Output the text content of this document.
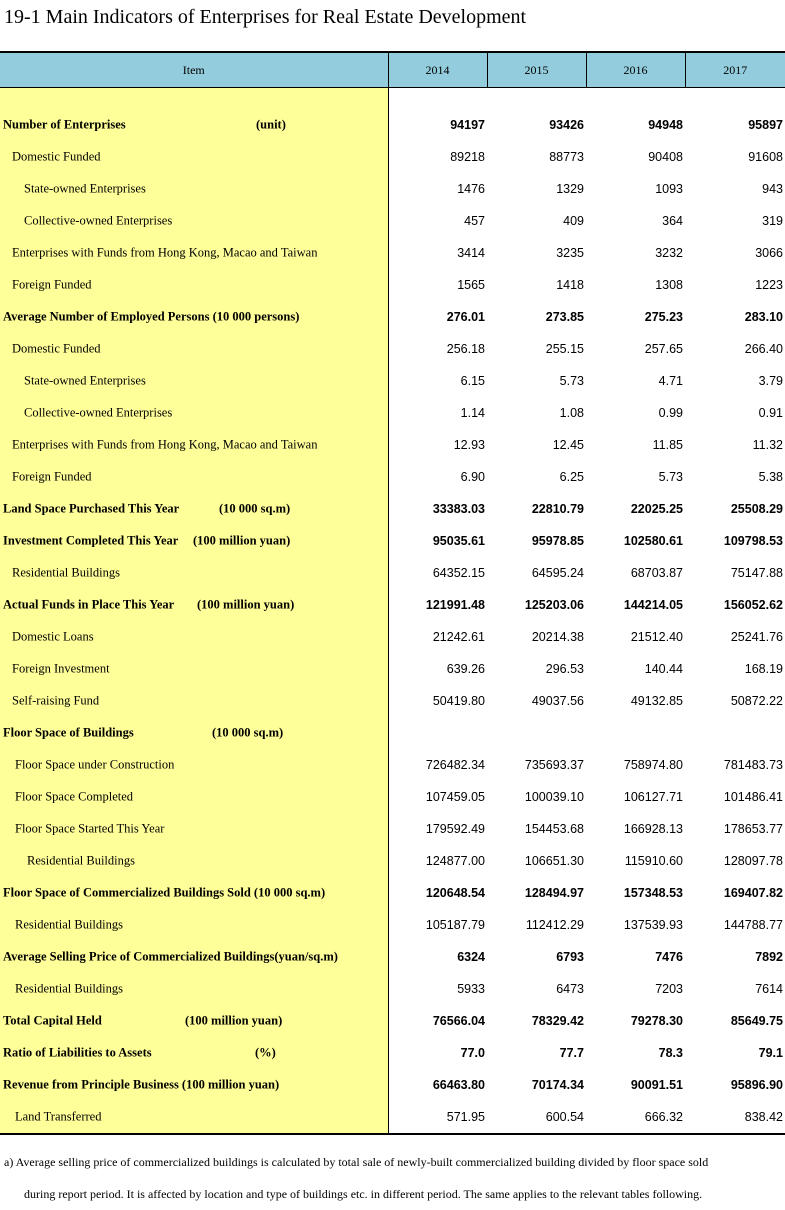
19-1 Main Indicators of Enterprises for Real Estate Development
Item	2014	2015	2016	2017

Number of Enterprises (unit)	94197	93426	94948	95897

Domestic Funded	89218	88773	90408	91608

State-owned Enterprises	1476	1329	1093	943

Collective-owned Enterprises	457	409	364	319

Enterprises with Funds from Hong Kong, Macao and Taiwan	3414	3235	3232	3066

Foreign Funded	1565	1418	1308	1223

Average Number of Employed Persons (10 000 persons)	276.01	273.85	275.23	283.10

Domestic Funded	256.18	255.15	257.65	266.40

State-owned Enterprises	6.15	5.73	4.71	3.79

Collective-owned Enterprises	1.14	1.08	0.99	0.91

Enterprises with Funds from Hong Kong, Macao and Taiwan	12.93	12.45	11.85	11.32

Foreign Funded	6.90	6.25	5.73	5.38

Land Space Purchased This Year (10 000 sq.m)	33383.03	22810.79	22025.25	25508.29

Investment Completed This Year (100 million yuan)	95035.61	95978.85	102580.61	109798.53

Residential Buildings	64352.15	64595.24	68703.87	75147.88

Actual Funds in Place This Year (100 million yuan)	121991.48	125203.06	144214.05	156052.62

Domestic Loans	21242.61	20214.38	21512.40	25241.76

Foreign Investment	639.26	296.53	140.44	168.19

Self-raising Fund	50419.80	49037.56	49132.85	50872.22

Floor Space of Buildings (10 000 sq.m)				

Floor Space under Construction	726482.34	735693.37	758974.80	781483.73

Floor Space Completed	107459.05	100039.10	106127.71	101486.41

Floor Space Started This Year	179592.49	154453.68	166928.13	178653.77

Residential Buildings	124877.00	106651.30	115910.60	128097.78

Floor Space of Commercialized Buildings Sold (10 000 sq.m)	120648.54	128494.97	157348.53	169407.82

Residential Buildings	105187.79	112412.29	137539.93	144788.77

Average Selling Price of Commercialized Buildings(yuan/sq.m)	6324	6793	7476	7892

Residential Buildings	5933	6473	7203	7614

Total Capital Held (100 million yuan)	76566.04	78329.42	79278.30	85649.75

Ratio of Liabilities to Assets (%)	77.0	77.7	78.3	79.1

Revenue from Principle Business (100 million yuan)	66463.80	70174.34	90091.51	95896.90

Land Transferred	571.95	600.54	666.32	838.42
a) Average selling price of commercialized buildings is calculated by total sale of newly-built commercialized building divided by floor space sold
during report period. It is affected by location and type of buildings etc. in different period. The same applies to the relevant tables following.
